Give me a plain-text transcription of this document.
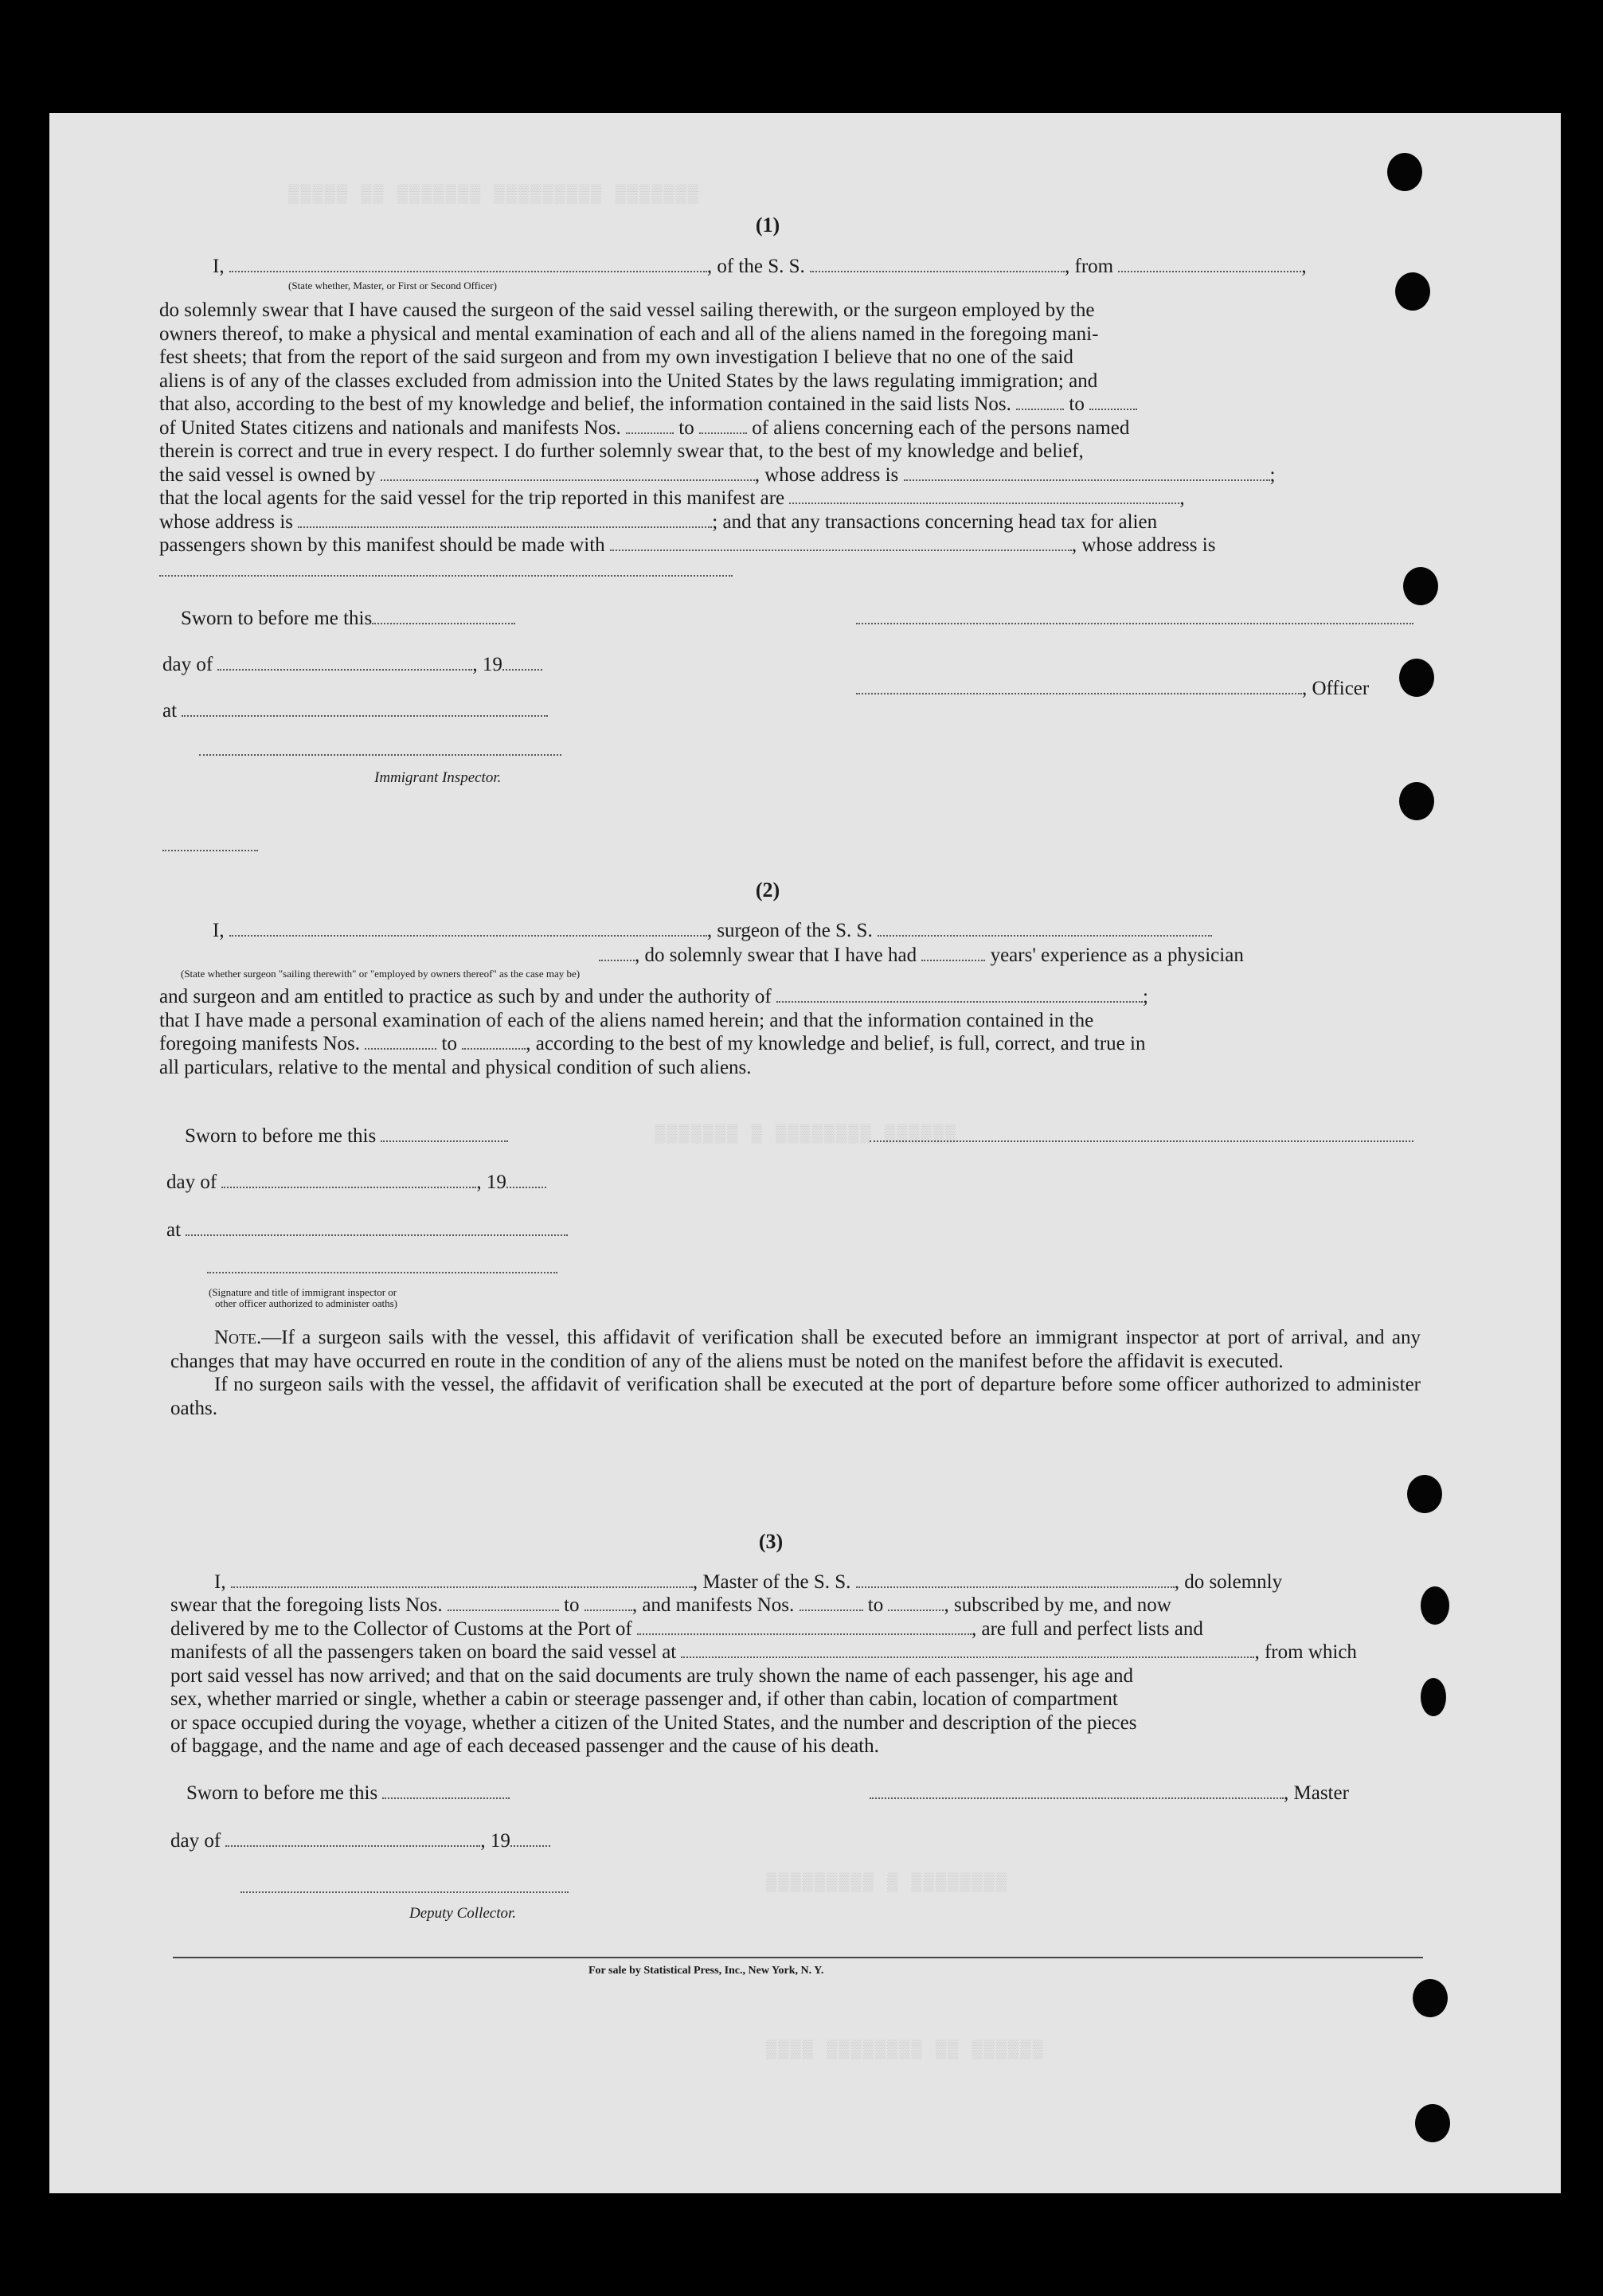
▒▒▒▒▒ ▒▒ ▒▒▒▒▒▒▒ ▒▒▒▒▒▒▒▒▒ ▒▒▒▒▒▒▒
▒▒▒▒▒▒▒ ▒ ▒▒▒▒▒▒▒▒ ▒▒▒▒▒▒
▒▒▒▒▒▒▒▒▒ ▒ ▒▒▒▒▒▒▒▒
▒▒▒▒ ▒▒▒▒▒▒▒▒ ▒▒ ▒▒▒▒▒▒
(1)
I,	, of the S. S.	, from	,
(State whether, Master, or First or Second Officer)
do solemnly swear that I have caused the surgeon of the said vessel sailing therewith, or the surgeon employed by the
owners thereof, to make a physical and mental examination of each and all of the aliens named in the foregoing mani-
fest sheets; that from the report of the said surgeon and from my own investigation I believe that no one of the said
aliens is of any of the classes excluded from admission into the United States by the laws regulating immigration; and
that also, according to the best of my knowledge and belief, the information contained in the said lists Nos.	to
of United States citizens and nationals and manifests Nos.	to	of aliens concerning each of the persons named
therein is correct and true in every respect. I do further solemnly swear that, to the best of my knowledge and belief,
the said vessel is owned by	, whose address is	;
that the local agents for the said vessel for the trip reported in this manifest are	,
whose address is	; and that any transactions concerning head tax for alien
passengers shown by this manifest should be made with	, whose address is
Sworn to before me this
day of	, 19
, Officer
at
Immigrant Inspector.
(2)
I,	, surgeon of the S. S.
, do solemnly swear that I have had	years' experience as a physician
(State whether surgeon "sailing therewith" or "employed by owners thereof" as the case may be)
and surgeon and am entitled to practice as such by and under the authority of	;
that I have made a personal examination of each of the aliens named herein; and that the information contained in the
foregoing manifests Nos.	to	, according to the best of my knowledge and belief, is full, correct, and true in
all particulars, relative to the mental and physical condition of such aliens.
Sworn to before me this
day of	, 19
at
(Signature and title of immigrant inspector or
other officer authorized to administer oaths)
Note.—If a surgeon sails with the vessel, this affidavit of verification shall be executed before an immigrant inspector at port of arrival, and any changes that may have occurred en route in the condition of any of the aliens must be noted on the manifest before the affidavit is executed.
If no surgeon sails with the vessel, the affidavit of verification shall be executed at the port of departure before some officer authorized to administer oaths.
(3)
I,	, Master of the S. S.	, do solemnly
swear that the foregoing lists Nos.	to	, and manifests Nos.	to	, subscribed by me, and now
delivered by me to the Collector of Customs at the Port of	, are full and perfect lists and
manifests of all the passengers taken on board the said vessel at	, from which
port said vessel has now arrived; and that on the said documents are truly shown the name of each passenger, his age and
sex, whether married or single, whether a cabin or steerage passenger and, if other than cabin, location of compartment
or space occupied during the voyage, whether a citizen of the United States, and the number and description of the pieces
of baggage, and the name and age of each deceased passenger and the cause of his death.
Sworn to before me this	, Master
day of	, 19
Deputy Collector.
For sale by Statistical Press, Inc., New York, N. Y.
